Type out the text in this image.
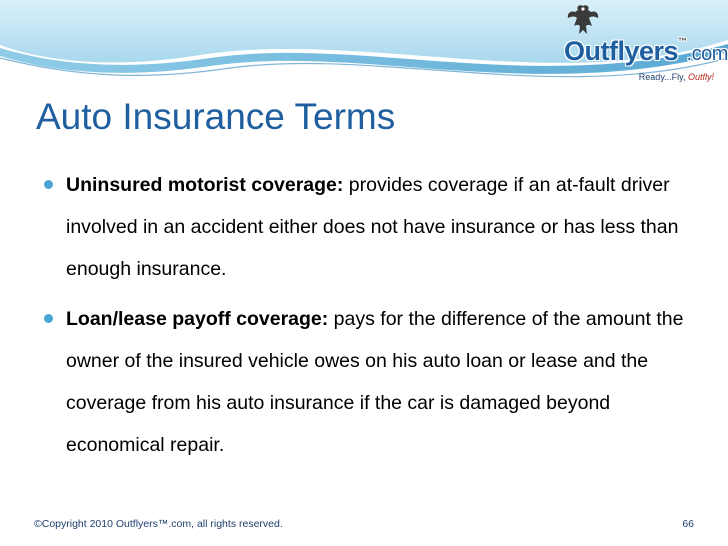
Outflyers™.com
Ready...Fly, Outfly!
Auto Insurance Terms
Uninsured motorist coverage: provides coverage if an at-fault driver involved in an accident either does not have insurance or has less than enough insurance.
Loan/lease payoff coverage: pays for the difference of the amount the owner of the insured vehicle owes on his auto loan or lease and the coverage from his auto insurance if the car is damaged beyond economical repair.
©Copyright 2010 Outflyers™.com, all rights reserved.	66
